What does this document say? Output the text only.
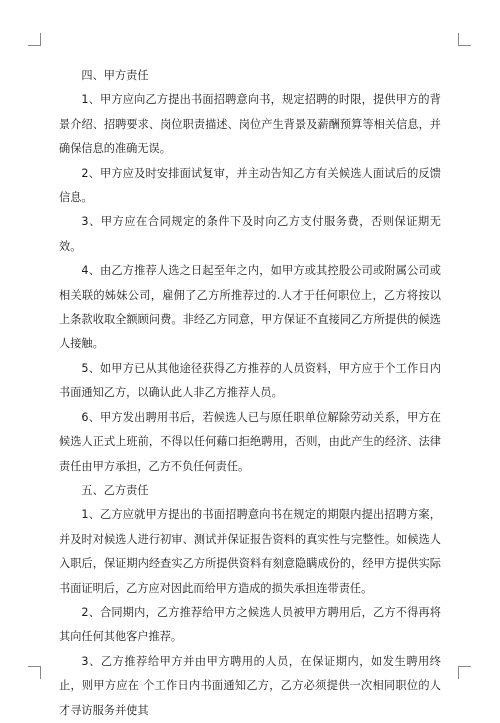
四、甲方责任

1、甲方应向乙方提出书面招聘意向书，规定招聘的时限，提供甲方的背景介绍、招聘要求、岗位职责描述、岗位产生背景及薪酬预算等相关信息，并确保信息的准确无误。

2、甲方应及时安排面试复审，并主动告知乙方有关候选人面试后的反馈信息。

3、甲方应在合同规定的条件下及时向乙方支付服务费，否则保证期无效。

4、由乙方推荐人选之日起至年之内，如甲方或其控股公司或附属公司或相关联的姊妹公司，雇佣了乙方所推荐过的.人才于任何职位上，乙方将按以上条款收取全额顾问费。非经乙方同意，甲方保证不直接同乙方所提供的候选人接触。

5、如甲方已从其他途径获得乙方推荐的人员资料，甲方应于个工作日内书面通知乙方，以确认此人非乙方推荐人员。

6、甲方发出聘用书后，若候选人已与原任职单位解除劳动关系，甲方在候选人正式上班前，不得以任何藉口拒绝聘用，否则，由此产生的经济、法律责任由甲方承担，乙方不负任何责任。

五、乙方责任

1、乙方应就甲方提出的书面招聘意向书在规定的期限内提出招聘方案，并及时对候选人进行初审、测试并保证报告资料的真实性与完整性。如候选人入职后，保证期内经查实乙方所提供资料有刻意隐瞒成份的，经甲方提供实际书面证明后，乙方应对因此而给甲方造成的损失承担连带责任。

2、合同期内，乙方推荐给甲方之候选人员被甲方聘用后，乙方不得再将其向任何其他客户推荐。

3、乙方推荐给甲方并由甲方聘用的人员，在保证期内，如发生聘用终止，则甲方应在 个工作日内书面通知乙方，乙方必须提供一次相同职位的人才寻访服务并使其
